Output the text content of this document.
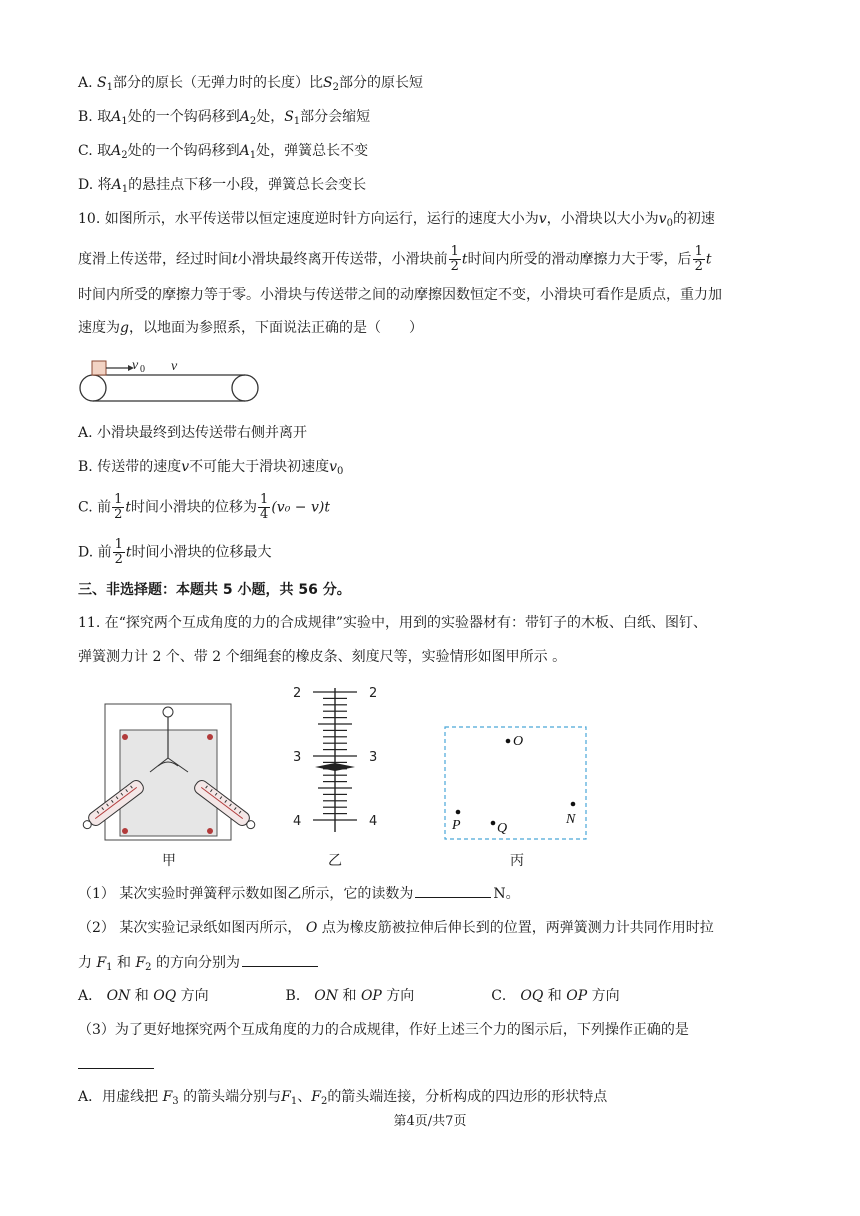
A. $S_1$部分的原长（无弹力时的长度）比$S_2$部分的原长短
B. 取$A_1$处的一个钩码移到$A_2$处，$S_1$部分会缩短
C. 取$A_2$处的一个钩码移到$A_1$处，弹簧总长不变
D. 将$A_1$的悬挂点下移一小段，弹簧总长会变长
10. 如图所示，水平传送带以恒定速度逆时针方向运行，运行的速度大小为v，小滑块以大小为$v_0$的初速
度滑上传送带，经过时间t小滑块最终离开传送带，小滑块前 $\frac{1}{2}$ t时间内所受的滑动摩擦力大于零，后 $\frac{1}{2}$ t
时间内所受的摩擦力等于零。小滑块与传送带之间的动摩擦因数恒定不变，小滑块可看作是质点，重力加
速度为g，以地面为参照系，下面说法正确的是（　　）
v 0 v
A. 小滑块最终到达传送带右侧并离开
B. 传送带的速度v不可能大于滑块初速度$v_0$
C. 前 $\frac{1}{2}$ t时间小滑块的位移为 $\frac{1}{4} (v_0 - v)t$
D. 前 $\frac{1}{2}$ t时间小滑块的位移最大
三、非选择题：本题共 5 小题，共 56 分。
11. 在“探究两个互成角度的力的合成规律”实验中，用到的实验器材有：带钉子的木板、白纸、图钉、
弹簧测力计 2 个、带 2 个细绳套的橡皮条、刻度尺等，实验情形如图甲所示 。
2
3
4
2
3
4
O
P	Q
N
甲	乙	丙
（1） 某次实验时弹簧秤示数如图乙所示，它的读数为	N。
（2） 某次实验记录纸如图丙所示， O 点为橡皮筋被拉伸后伸长到的位置，两弹簧测力计共同作用时拉
力 $F_1$ 和 $F_2$ 的方向分别为
A． ON 和 OQ 方向	B． ON 和 OP 方向	C． OQ 和 OP 方向
（3）为了更好地探究两个互成角度的力的合成规律，作好上述三个力的图示后，下列操作正确的是
A．用虚线把 $F_3$ 的箭头端分别与$F_1$、$F_2$的箭头端连接，分析构成的四边形的形状特点
第4页/共7页
